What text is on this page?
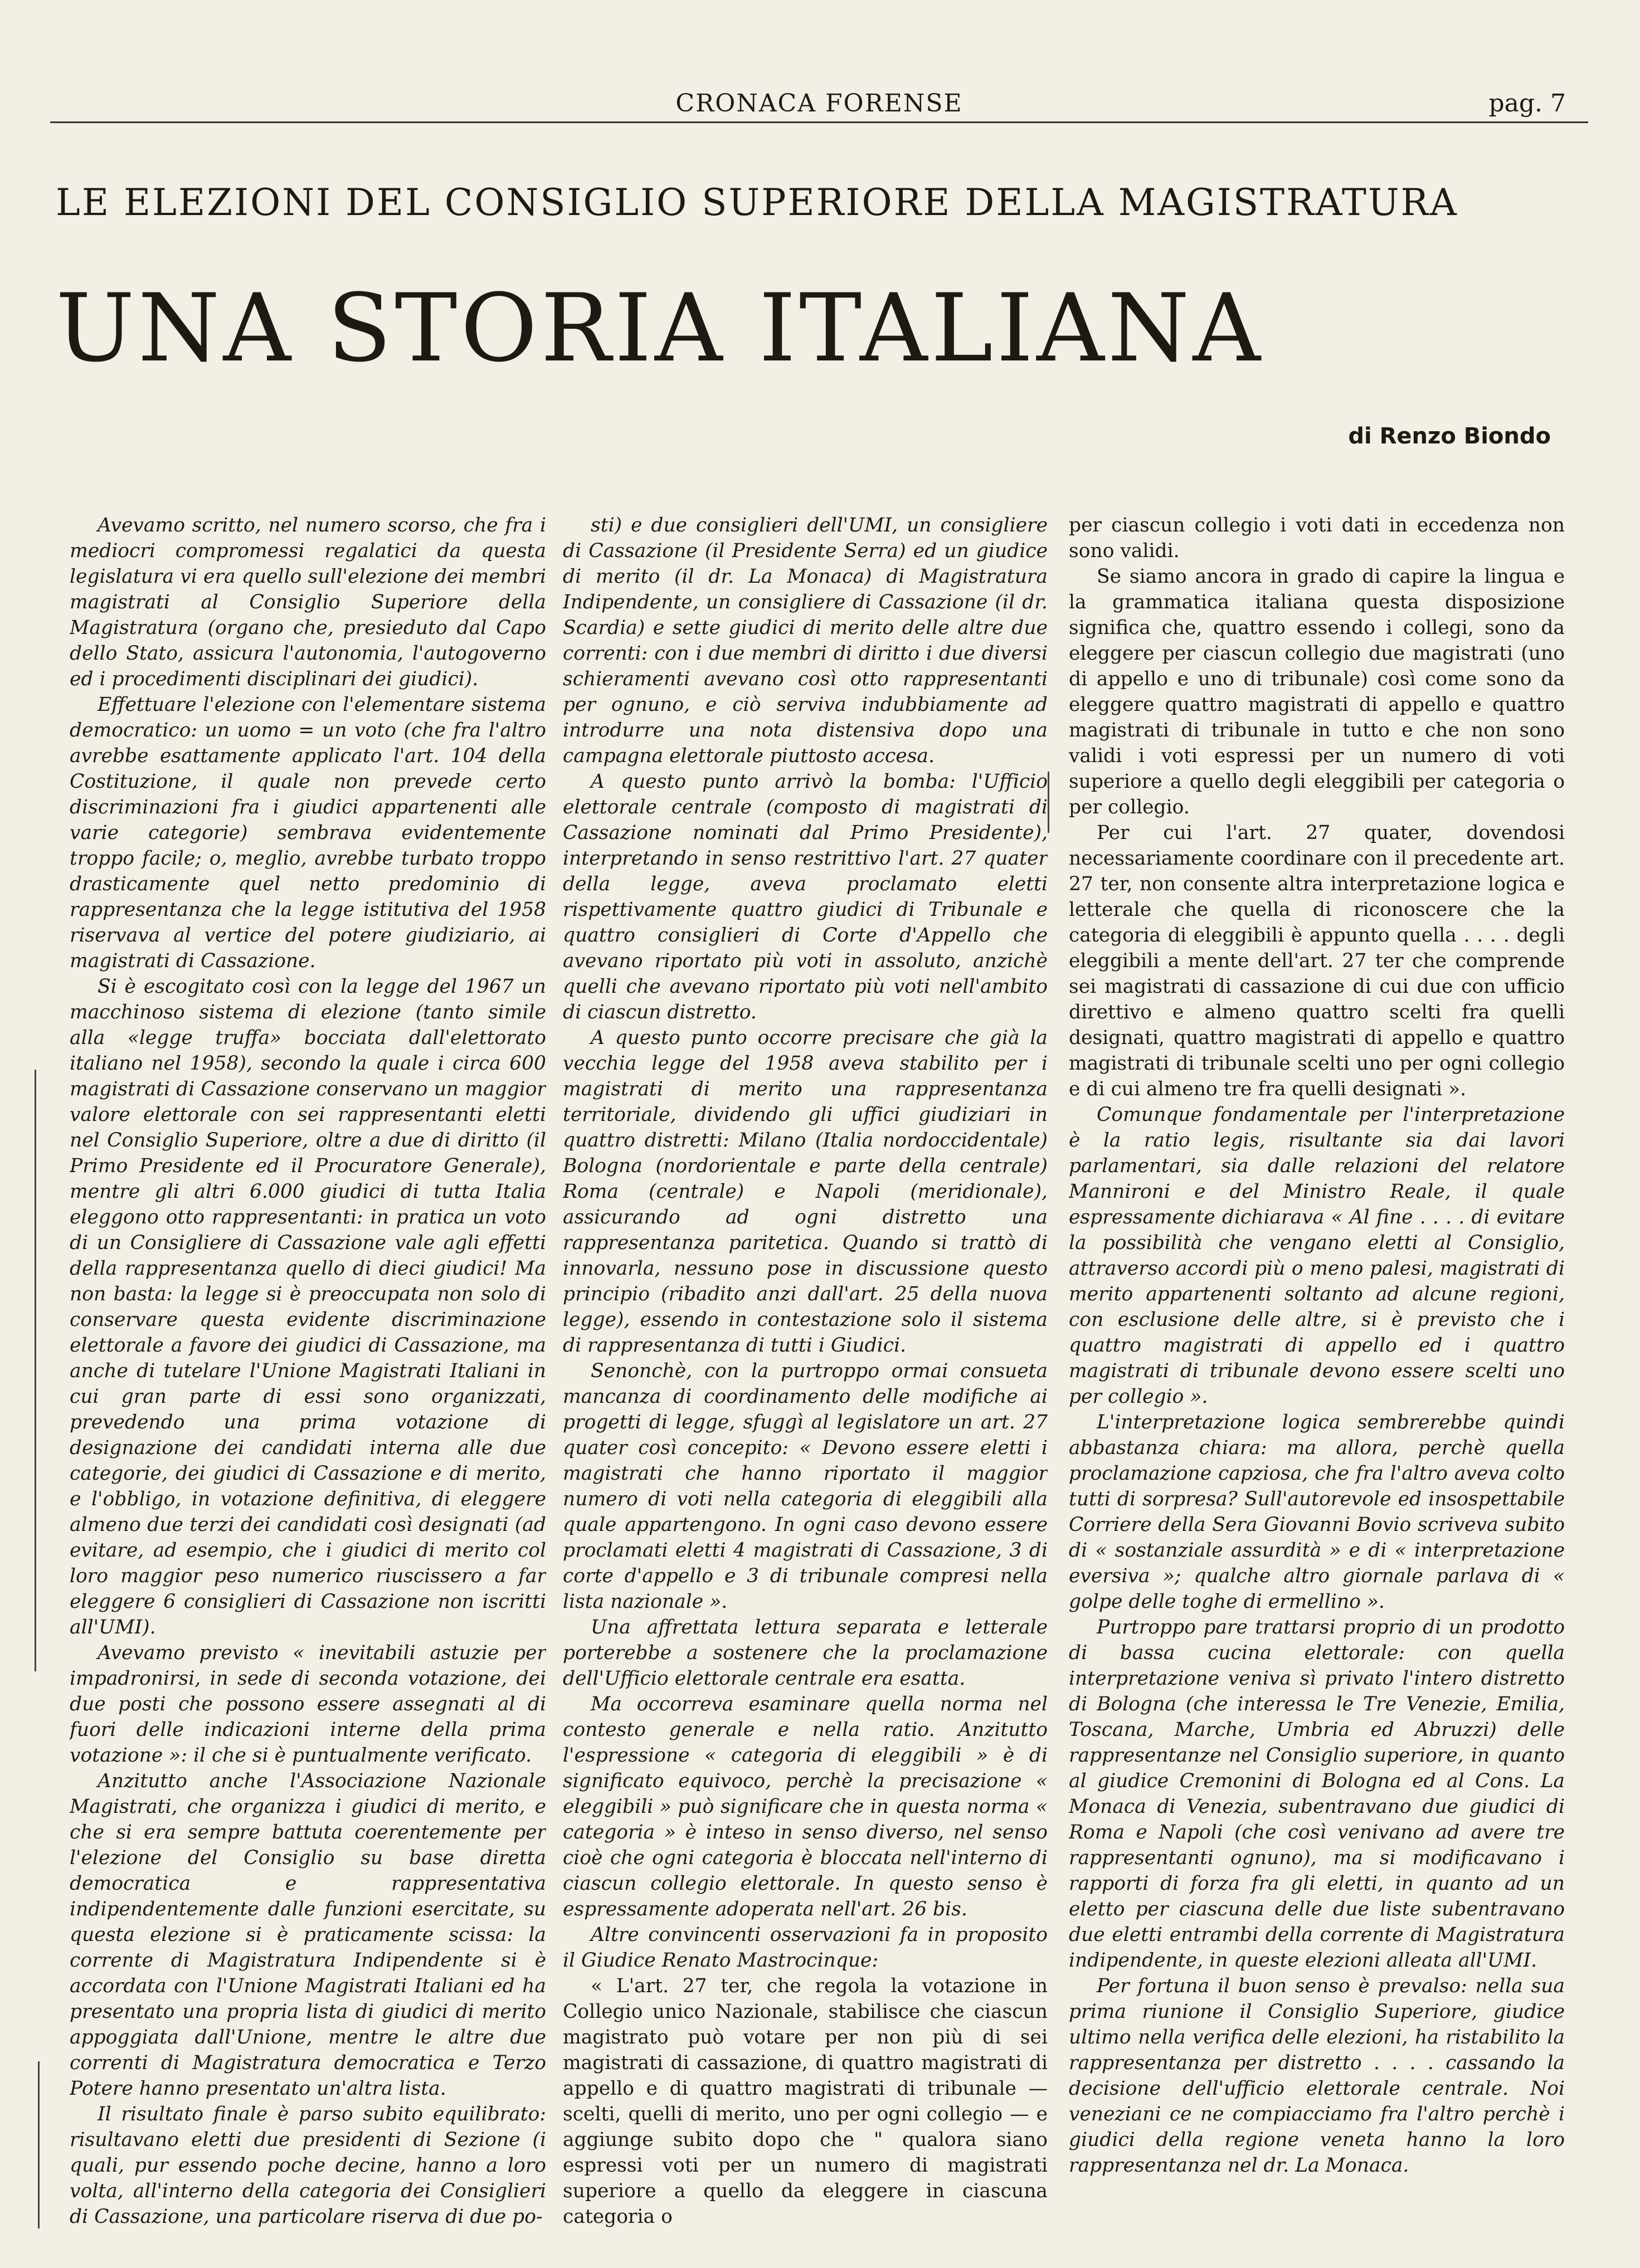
CRONACA FORENSE	pag. 7
LE ELEZIONI DEL CONSIGLIO SUPERIORE DELLA MAGISTRATURA
UNA STORIA ITALIANA
di Renzo Biondo

Avevamo scritto, nel numero scorso, che fra i mediocri compromessi regalatici da questa legislatura vi era quello sull'elezione dei membri magistrati al Consiglio Superiore della Magistratura (organo che, presieduto dal Capo dello Stato, assicura l'autonomia, l'autogoverno ed i procedimenti disciplinari dei giudici).

Effettuare l'elezione con l'elementare sistema democratico: un uomo = un voto (che fra l'altro avrebbe esattamente applicato l'art. 104 della Costituzione, il quale non prevede certo discriminazioni fra i giudici appartenenti alle varie categorie) sembrava evidentemente troppo facile; o, meglio, avrebbe turbato troppo drasticamente quel netto predominio di rappresentanza che la legge istitutiva del 1958 riservava al vertice del potere giudiziario, ai magistrati di Cassazione.

Si è escogitato così con la legge del 1967 un macchinoso sistema di elezione (tanto simile alla «legge truffa» bocciata dall'elettorato italiano nel 1958), secondo la quale i circa 600 magistrati di Cassazione conservano un maggior valore elettorale con sei rappresentanti eletti nel Consiglio Superiore, oltre a due di diritto (il Primo Presidente ed il Procuratore Generale), mentre gli altri 6.000 giudici di tutta Italia eleggono otto rappresentanti: in pratica un voto di un Consigliere di Cassazione vale agli effetti della rappresentanza quello di dieci giudici! Ma non basta: la legge si è preoccupata non solo di conservare questa evidente discriminazione elettorale a favore dei giudici di Cassazione, ma anche di tutelare l'Unione Magistrati Italiani in cui gran parte di essi sono organizzati, prevedendo una prima votazione di designazione dei candidati interna alle due categorie, dei giudici di Cassazione e di merito, e l'obbligo, in votazione definitiva, di eleggere almeno due terzi dei candidati così designati (ad evitare, ad esempio, che i giudici di merito col loro maggior peso numerico riuscissero a far eleggere 6 consiglieri di Cassazione non iscritti all'UMI).

Avevamo previsto « inevitabili astuzie per impadronirsi, in sede di seconda votazione, dei due posti che possono essere assegnati al di fuori delle indicazioni interne della prima votazione »: il che si è puntualmente verificato.

Anzitutto anche l'Associazione Nazionale Magistrati, che organizza i giudici di merito, e che si era sempre battuta coerentemente per l'elezione del Consiglio su base diretta democratica e rappresentativa indipendentemente dalle funzioni esercitate, su questa elezione si è praticamente scissa: la corrente di Magistratura Indipendente si è accordata con l'Unione Magistrati Italiani ed ha presentato una propria lista di giudici di merito appoggiata dall'Unione, mentre le altre due correnti di Magistratura democratica e Terzo Potere hanno presentato un'altra lista.

Il risultato finale è parso subito equilibrato: risultavano eletti due presidenti di Sezione (i quali, pur essendo poche decine, hanno a loro volta, all'interno della categoria dei Consiglieri di Cassazione, una particolare riserva di due po-

sti) e due consiglieri dell'UMI, un consigliere di Cassazione (il Presidente Serra) ed un giudice di merito (il dr. La Monaca) di Magistratura Indipendente, un consigliere di Cassazione (il dr. Scardia) e sette giudici di merito delle altre due correnti: con i due membri di diritto i due diversi schieramenti avevano così otto rappresentanti per ognuno, e ciò serviva indubbiamente ad introdurre una nota distensiva dopo una campagna elettorale piuttosto accesa.

A questo punto arrivò la bomba: l'Ufficio elettorale centrale (composto di magistrati di Cassazione nominati dal Primo Presidente), interpretando in senso restrittivo l'art. 27 quater della legge, aveva proclamato eletti rispettivamente quattro giudici di Tribunale e quattro consiglieri di Corte d'Appello che avevano riportato più voti in assoluto, anzichè quelli che avevano riportato più voti nell'ambito di ciascun distretto.

A questo punto occorre precisare che già la vecchia legge del 1958 aveva stabilito per i magistrati di merito una rappresentanza territoriale, dividendo gli uffici giudiziari in quattro distretti: Milano (Italia nordoccidentale) Bologna (nordorientale e parte della centrale) Roma (centrale) e Napoli (meridionale), assicurando ad ogni distretto una rappresentanza paritetica. Quando si trattò di innovarla, nessuno pose in discussione questo principio (ribadito anzi dall'art. 25 della nuova legge), essendo in contestazione solo il sistema di rappresentanza di tutti i Giudici.

Senonchè, con la purtroppo ormai consueta mancanza di coordinamento delle modifiche ai progetti di legge, sfuggì al legislatore un art. 27 quater così concepito: « Devono essere eletti i magistrati che hanno riportato il maggior numero di voti nella categoria di eleggibili alla quale appartengono. In ogni caso devono essere proclamati eletti 4 magistrati di Cassazione, 3 di corte d'appello e 3 di tribunale compresi nella lista nazionale ».

Una affrettata lettura separata e letterale porterebbe a sostenere che la proclamazione dell'Ufficio elettorale centrale era esatta.

Ma occorreva esaminare quella norma nel contesto generale e nella ratio. Anzitutto l'espressione « categoria di eleggibili » è di significato equivoco, perchè la precisazione « eleggibili » può significare che in questa norma « categoria » è inteso in senso diverso, nel senso cioè che ogni categoria è bloccata nell'interno di ciascun collegio elettorale. In questo senso è espressamente adoperata nell'art. 26 bis.

Altre convincenti osservazioni fa in proposito il Giudice Renato Mastrocinque:

« L'art. 27 ter, che regola la votazione in Collegio unico Nazionale, stabilisce che ciascun magistrato può votare per non più di sei magistrati di cassazione, di quattro magistrati di appello e di quattro magistrati di tribunale — scelti, quelli di merito, uno per ogni collegio — e aggiunge subito dopo che " qualora siano espressi voti per un numero di magistrati superiore a quello da eleggere in ciascuna categoria o

per ciascun collegio i voti dati in eccedenza non sono validi.

Se siamo ancora in grado di capire la lingua e la grammatica italiana questa disposizione significa che, quattro essendo i collegi, sono da eleggere per ciascun collegio due magistrati (uno di appello e uno di tribunale) così come sono da eleggere quattro magistrati di appello e quattro magistrati di tribunale in tutto e che non sono validi i voti espressi per un numero di voti superiore a quello degli eleggibili per categoria o per collegio.

Per cui l'art. 27 quater, dovendosi necessariamente coordinare con il precedente art. 27 ter, non consente altra interpretazione logica e letterale che quella di riconoscere che la categoria di eleggibili è appunto quella . . . . degli eleggibili a mente dell'art. 27 ter che comprende sei magistrati di cassazione di cui due con ufficio direttivo e almeno quattro scelti fra quelli designati, quattro magistrati di appello e quattro magistrati di tribunale scelti uno per ogni collegio e di cui almeno tre fra quelli designati ».

Comunque fondamentale per l'interpretazione è la ratio legis, risultante sia dai lavori parlamentari, sia dalle relazioni del relatore Mannironi e del Ministro Reale, il quale espressamente dichiarava « Al fine . . . . di evitare la possibilità che vengano eletti al Consiglio, attraverso accordi più o meno palesi, magistrati di merito appartenenti soltanto ad alcune regioni, con esclusione delle altre, si è previsto che i quattro magistrati di appello ed i quattro magistrati di tribunale devono essere scelti uno per collegio ».

L'interpretazione logica sembrerebbe quindi abbastanza chiara: ma allora, perchè quella proclamazione capziosa, che fra l'altro aveva colto tutti di sorpresa? Sull'autorevole ed insospettabile Corriere della Sera Giovanni Bovio scriveva subito di « sostanziale assurdità » e di « interpretazione eversiva »; qualche altro giornale parlava di « golpe delle toghe di ermellino ».

Purtroppo pare trattarsi proprio di un prodotto di bassa cucina elettorale: con quella interpretazione veniva sì privato l'intero distretto di Bologna (che interessa le Tre Venezie, Emilia, Toscana, Marche, Umbria ed Abruzzi) delle rappresentanze nel Consiglio superiore, in quanto al giudice Cremonini di Bologna ed al Cons. La Monaca di Venezia, subentravano due giudici di Roma e Napoli (che così venivano ad avere tre rappresentanti ognuno), ma si modificavano i rapporti di forza fra gli eletti, in quanto ad un eletto per ciascuna delle due liste subentravano due eletti entrambi della corrente di Magistratura indipendente, in queste elezioni alleata all'UMI.

Per fortuna il buon senso è prevalso: nella sua prima riunione il Consiglio Superiore, giudice ultimo nella verifica delle elezioni, ha ristabilito la rappresentanza per distretto . . . . cassando la decisione dell'ufficio elettorale centrale. Noi veneziani ce ne compiacciamo fra l'altro perchè i giudici della regione veneta hanno la loro rappresentanza nel dr. La Monaca.
